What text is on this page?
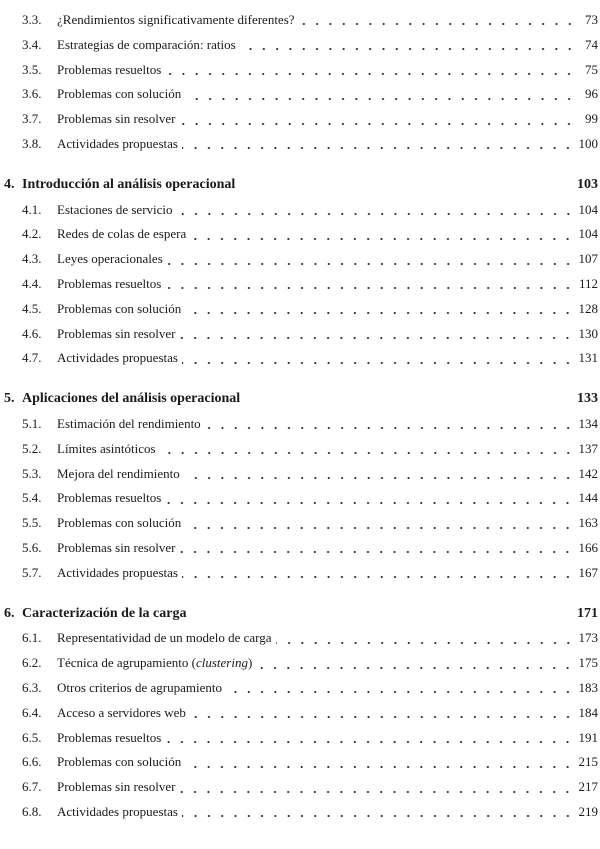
3.3.	¿Rendimientos significativamente diferentes?	73
3.4.	Estrategias de comparación: ratios	74
3.5.	Problemas resueltos	75
3.6.	Problemas con solución	96
3.7.	Problemas sin resolver	99
3.8.	Actividades propuestas	100
4. Introducción al análisis operacional	103
4.1.	Estaciones de servicio	104
4.2.	Redes de colas de espera	104
4.3.	Leyes operacionales	107
4.4.	Problemas resueltos	112
4.5.	Problemas con solución	128
4.6.	Problemas sin resolver	130
4.7.	Actividades propuestas	131
5. Aplicaciones del análisis operacional	133
5.1.	Estimación del rendimiento	134
5.2.	Límites asintóticos	137
5.3.	Mejora del rendimiento	142
5.4.	Problemas resueltos	144
5.5.	Problemas con solución	163
5.6.	Problemas sin resolver	166
5.7.	Actividades propuestas	167
6. Caracterización de la carga	171
6.1.	Representatividad de un modelo de carga	173
6.2.	Técnica de agrupamiento (clustering)	175
6.3.	Otros criterios de agrupamiento	183
6.4.	Acceso a servidores web	184
6.5.	Problemas resueltos	191
6.6.	Problemas con solución	215
6.7.	Problemas sin resolver	217
6.8.	Actividades propuestas	219
